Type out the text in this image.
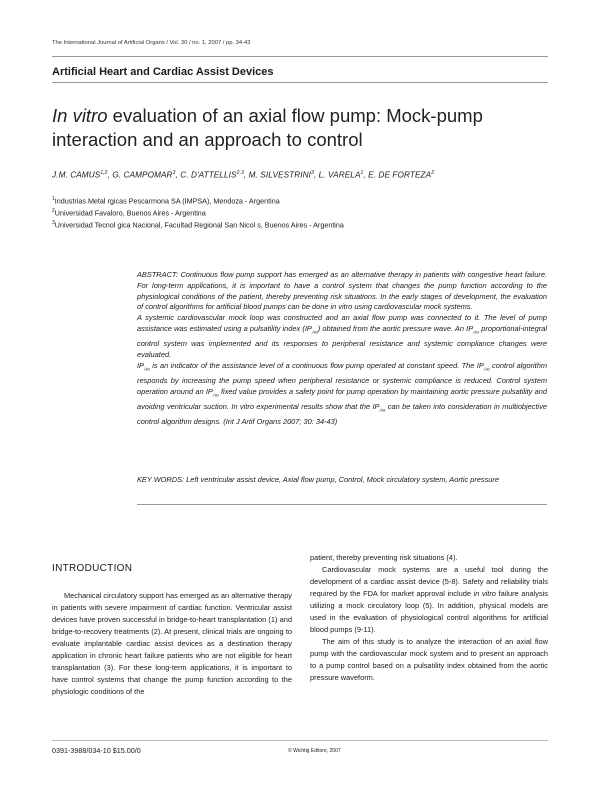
The International Journal of Artificial Organs / Vol. 30 / no. 1, 2007 / pp. 34-43
Artificial Heart and Cardiac Assist Devices
In vitro evaluation of an axial flow pump: Mock-pump interaction and an approach to control
J.M. CAMUS$^{1,2}$, G. CAMPOMAR$^3$, C. D'ATTELLIS$^{2,3}$, M. SILVESTRINI$^3$, L. VARELA$^1$, E. DE FORTEZA$^2$
$^1$Industrias Metal rgicas Pescarmona SA (IMPSA), Mendoza - Argentina
$^2$Universidad Favaloro, Buenos Aires - Argentina
$^3$Universidad Tecnol gica Nacional, Facultad Regional San Nicol s, Buenos Aires - Argentina

ABSTRACT: Continuous flow pump support has emerged as an alternative therapy in patients with congestive heart failure. For long-term applications, it is important to have a control system that changes the pump function according to the physiological conditions of the patient, thereby preventing risk situations. In the early stages of development, the evaluation of control algorithms for artificial blood pumps can be done in vitro using cardiovascular mock systems.

A systemic cardiovascular mock loop was constructed and an axial flow pump was connected to it. The level of pump assistance was estimated using a pulsatility index $(IP_{Ao})$ obtained from the aortic pressure wave. An $IP_{Ao}$ proportional-integral control system was implemented and its responses to peripheral resistance and systemic compliance changes were evaluated.

$IP_{Ao}$ is an indicator of the assistance level of a continuous flow pump operated at constant speed. The $IP_{Ao}$ control algorithm responds by increasing the pump speed when peripheral resistance or systemic compliance is reduced. Control system operation around an $IP_{Ao}$ fixed value provides a safety point for pump operation by maintaining aortic pressure pulsatility and avoiding ventricular suction. In vitro experimental results show that the $IP_{Ao}$ can be taken into consideration in multiobjective control algorithm designs. (Int J Artif Organs 2007; 30: 34-43)

KEY WORDS: Left ventricular assist device, Axial flow pump, Control, Mock circulatory system, Aortic pressure
INTRODUCTION
Mechanical circulatory support has emerged as an alternative therapy in patients with severe impairment of cardiac function. Ventricular assist devices have proven successful in bridge-to-heart transplantation (1) and bridge-to-recovery treatments (2). At present, clinical trials are ongoing to evaluate implantable cardiac assist devices as a destination therapy application in chronic heart failure patients who are not eligible for heart transplantation (3). For these long-term applications, it is important to have control systems that change the pump function according to the physiologic conditions of the
patient, thereby preventing risk situations (4).
Cardiovascular mock systems are a useful tool during the development of a cardiac assist device (5-8). Safety and reliability trials required by the FDA for market approval include in vitro failure analysis utilizing a mock circulatory loop (5). In addition, physical models are used in the evaluation of physiological control algorithms for artificial blood pumps (9-11).
The aim of this study is to analyze the interaction of an axial flow pump with the cardiovascular mock system and to present an approach to a pump control based on a pulsatility index obtained from the aortic pressure waveform.
0391-3988/034-10 $15.00/0	© Wichtig Editore, 2007
